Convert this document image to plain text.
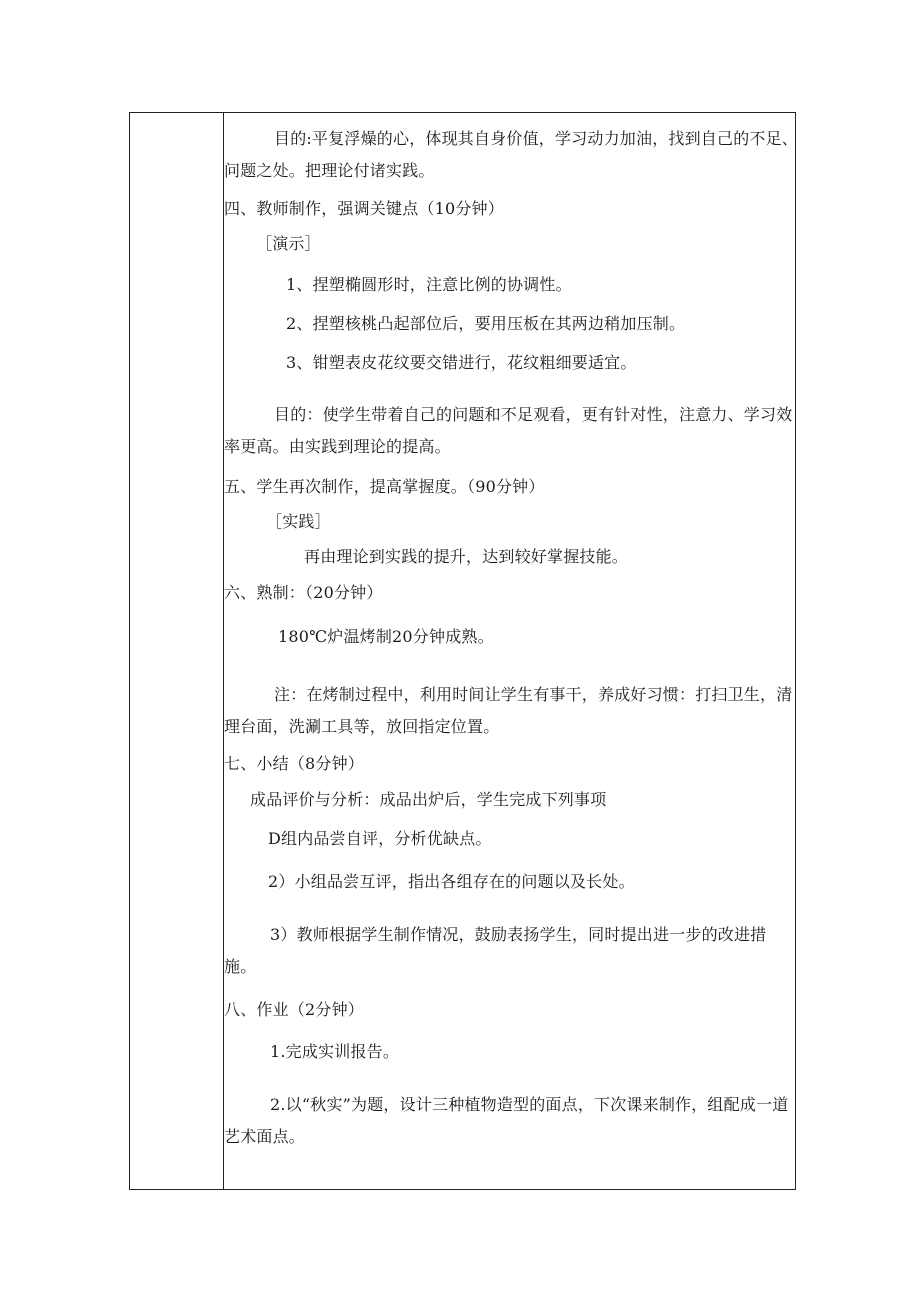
目的:平复浮燥的心，体现其自身价值，学习动力加油，找到自己的不足、问题之处。把理论付诸实践。
四、教师制作，强调关键点（10分钟）
［演示］
1、捏塑椭圆形时，注意比例的协调性。
2、捏塑核桃凸起部位后，要用压板在其两边稍加压制。
3、钳塑表皮花纹要交错进行，花纹粗细要适宜。
目的：使学生带着自己的问题和不足观看，更有针对性，注意力、学习效率更高。由实践到理论的提高。
五、学生再次制作，提高掌握度。（90分钟）
［实践］
再由理论到实践的提升，达到较好掌握技能。
六、熟制：（20分钟）
180℃炉温烤制20分钟成熟。
注：在烤制过程中，利用时间让学生有事干，养成好习惯：打扫卫生，清理台面，洗涮工具等，放回指定位置。
七、小结（8分钟）
成品评价与分析：成品出炉后，学生完成下列事项
D组内品尝自评，分析优缺点。
2）小组品尝互评，指出各组存在的问题以及长处。
3）教师根据学生制作情况，鼓励表扬学生，同时提出进一步的改进措施。
八、作业（2分钟）
1.完成实训报告。
2.以“秋实”为题，设计三种植物造型的面点，下次课来制作，组配成一道艺术面点。
